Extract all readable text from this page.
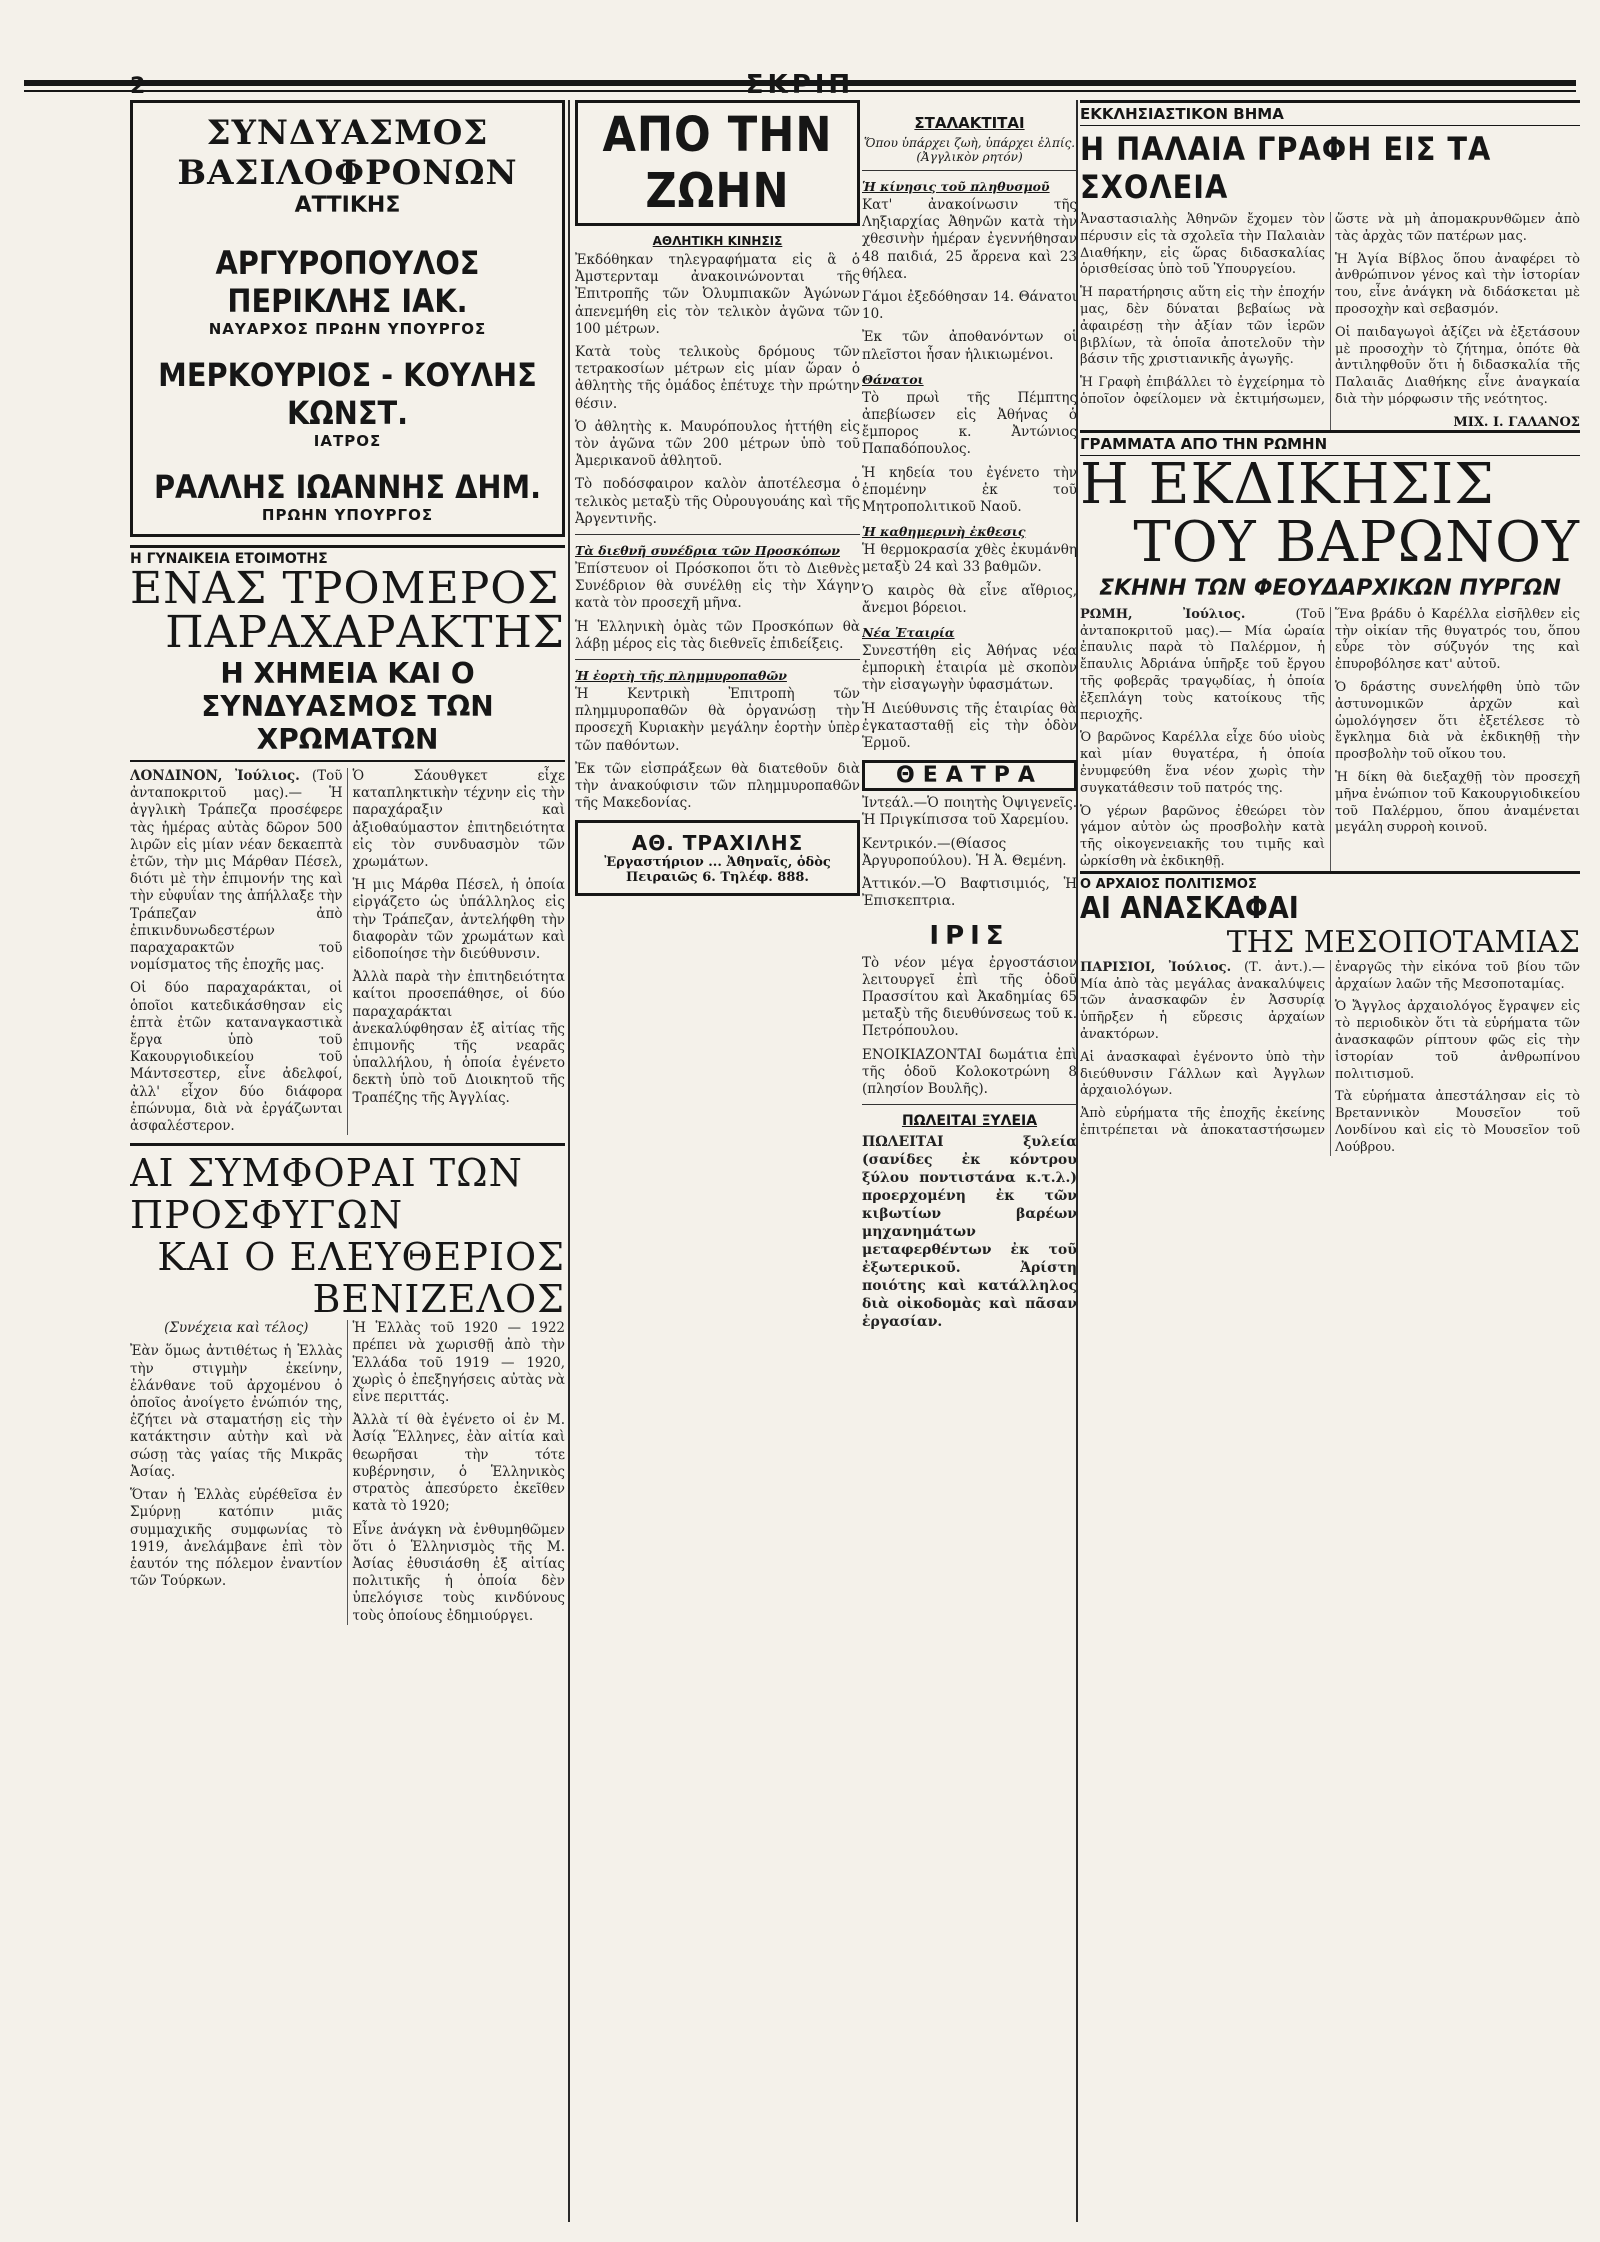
2	ΣΚΡΙΠ
ΣΥΝΔΥΑΣΜΟΣ ΒΑΣΙΛΟΦΡΟΝΩΝ
ΑΤΤΙΚΗΣ
ΑΡΓΥΡΟΠΟΥΛΟΣ ΠΕΡΙΚΛΗΣ ΙΑΚ.
ΝΑΥΑΡΧΟΣ ΠΡΩΗΝ ΥΠΟΥΡΓΟΣ
ΜΕΡΚΟΥΡΙΟΣ - ΚΟΥΛΗΣ ΚΩΝΣΤ.
ΙΑΤΡΟΣ
ΡΑΛΛΗΣ ΙΩΑΝΝΗΣ ΔΗΜ.
ΠΡΩΗΝ ΥΠΟΥΡΓΟΣ
Η ΓΥΝΑΙΚΕΙΑ ΕΤΟΙΜΟΤΗΣ
ΕΝΑΣ ΤΡΟΜΕΡΟΣ
ΠΑΡΑΧΑΡΑΚΤΗΣ
Η ΧΗΜΕΙΑ ΚΑΙ Ο ΣΥΝΔΥΑΣΜΟΣ ΤΩΝ ΧΡΩΜΑΤΩΝ

ΛΟΝΔΙΝΟΝ, Ἰούλιος. (Τοῦ ἀνταποκριτοῦ μας).— Ἡ ἀγγλικὴ Τράπεζα προσέφερε τὰς ἡμέρας αὐτὰς δῶρον 500 λιρῶν εἰς μίαν νέαν δεκαεπτὰ ἐτῶν, τὴν μις Μάρθαν Πέσελ, διότι μὲ τὴν ἐπιμονήν της καὶ τὴν εὐφυΐαν της ἀπήλλαξε τὴν Τράπεζαν ἀπὸ ἐπικινδυνωδεστέρων παραχαρακτῶν τοῦ νομίσματος τῆς ἐποχῆς μας.

Οἱ δύο παραχαράκται, οἱ ὁποῖοι κατεδικάσθησαν εἰς ἑπτὰ ἐτῶν καταναγκαστικὰ ἔργα ὑπὸ τοῦ Κακουργιοδικείου τοῦ Μάντσεστερ, εἶνε ἀδελφοί, ἀλλ' εἶχον δύο διάφορα ἐπώνυμα, διὰ νὰ ἐργάζωνται ἀσφαλέστερον.

Ὁ Σάουθγκετ εἶχε καταπληκτικὴν τέχνην εἰς τὴν παραχάραξιν καὶ ἀξιοθαύμαστον ἐπιτηδειότητα εἰς τὸν συνδυασμὸν τῶν χρωμάτων.

Ἡ μις Μάρθα Πέσελ, ἡ ὁποία εἰργάζετο ὡς ὑπάλληλος εἰς τὴν Τράπεζαν, ἀντελήφθη τὴν διαφορὰν τῶν χρωμάτων καὶ εἰδοποίησε τὴν διεύθυνσιν.

Ἀλλὰ παρὰ τὴν ἐπιτηδειότητα καίτοι προσεπάθησε, οἱ δύο παραχαράκται ἀνεκαλύφθησαν ἐξ αἰτίας τῆς ἐπιμονῆς τῆς νεαρᾶς ὑπαλλήλου, ἡ ὁποία ἐγένετο δεκτὴ ὑπὸ τοῦ Διοικητοῦ τῆς Τραπέζης τῆς Ἀγγλίας.

ΑΙ ΣΥΜΦΟΡΑΙ ΤΩΝ ΠΡΟΣΦΥΓΩΝ
ΚΑΙ Ο ΕΛΕΥΘΕΡΙΟΣ ΒΕΝΙΖΕΛΟΣ

(Συνέχεια καὶ τέλος)

Ἐὰν ὅμως ἀντιθέτως ἡ Ἑλλὰς τὴν στιγμὴν ἐκείνην, ἐλάνθανε τοῦ ἀρχομένου ὁ ὁποῖος ἀνοίγετο ἐνώπιόν της, ἐζήτει νὰ σταματήσῃ εἰς τὴν κατάκτησιν αὐτὴν καὶ νὰ σώσῃ τὰς γαίας τῆς Μικρᾶς Ἀσίας.

Ὅταν ἡ Ἑλλὰς εὑρέθεῖσα ἐν Σμύρνῃ κατόπιν μιᾶς συμμαχικῆς συμφωνίας τὸ 1919, ἀνελάμβανε ἐπὶ τὸν ἑαυτόν της πόλεμον ἐναντίον τῶν Τούρκων.

Ἡ Ἑλλὰς τοῦ 1920 — 1922 πρέπει νὰ χωρισθῇ ἀπὸ τὴν Ἑλλάδα τοῦ 1919 — 1920, χωρὶς ὁ ἐπεξηγήσεις αὐτὰς νὰ εἶνε περιττάς.

Ἀλλὰ τί θὰ ἐγένετο οἱ ἐν Μ. Ἀσίᾳ Ἕλληνες, ἐὰν αἰτία καὶ θεωρῆσαι τὴν τότε κυβέρνησιν, ὁ Ἑλληνικὸς στρατὸς ἀπεσύρετο ἐκεῖθεν κατὰ τὸ 1920;

Εἶνε ἀνάγκη νὰ ἐνθυμηθῶμεν ὅτι ὁ Ἑλληνισμὸς τῆς Μ. Ἀσίας ἐθυσιάσθη ἐξ αἰτίας πολιτικῆς ἡ ὁποία δὲν ὑπελόγισε τοὺς κινδύνους τοὺς ὁποίους ἐδημιούργει.

ΑΠΟ ΤΗΝ ΖΩΗΝ
ΑΘΛΗΤΙΚΗ ΚΙΝΗΣΙΣ

Ἐκδόθηκαν τηλεγραφήματα εἰς ἃ ὁ Ἀμστερνταμ ἀνακοινώνονται τῆς Ἐπιτροπῆς τῶν Ὀλυμπιακῶν Ἀγώνων ἀπενεμήθη εἰς τὸν τελικὸν ἀγῶνα τῶν 100 μέτρων.

Κατὰ τοὺς τελικοὺς δρόμους τῶν τετρακοσίων μέτρων εἰς μίαν ὥραν ὁ ἀθλητὴς τῆς ὁμάδος ἐπέτυχε τὴν πρώτην θέσιν.

Ὁ ἀθλητὴς κ. Μαυρόπουλος ἡττήθη εἰς τὸν ἀγῶνα τῶν 200 μέτρων ὑπὸ τοῦ Ἀμερικανοῦ ἀθλητοῦ.

Τὸ ποδόσφαιρον καλὸν ἀποτέλεσμα ὁ τελικὸς μεταξὺ τῆς Οὐρουγουάης καὶ τῆς Ἀργεντινῆς.

Τὰ διεθνῆ συνέδρια τῶν Προσκόπων

Ἐπίστευον οἱ Πρόσκοποι ὅτι τὸ Διεθνὲς Συνέδριον θὰ συνέλθῃ εἰς τὴν Χάγην κατὰ τὸν προσεχῆ μῆνα.

Ἡ Ἑλληνικὴ ὁμὰς τῶν Προσκόπων θὰ λάβῃ μέρος εἰς τὰς διεθνεῖς ἐπιδείξεις.

Ἡ ἐορτὴ τῆς πλημμυροπαθῶν

Ἡ Κεντρικὴ Ἐπιτροπὴ τῶν πλημμυροπαθῶν θὰ ὀργανώσῃ τὴν προσεχῆ Κυριακὴν μεγάλην ἑορτὴν ὑπὲρ τῶν παθόντων.

Ἐκ τῶν εἰσπράξεων θὰ διατεθοῦν διὰ τὴν ἀνακούφισιν τῶν πλημμυροπαθῶν τῆς Μακεδονίας.

ΑΘ. ΤΡΑΧΙΛΗΣ
Ἐργαστήριον ... Ἀθηναῖς, ὁδὸς Πειραιῶς 6. Τηλέφ. 888.
ΣΤΑΛΑΚΤΙΤΑΙ
Ὅπου ὑπάρχει ζωὴ, ὑπάρχει ἐλπίς. (Ἀγγλικὸν ρητόν)
Ἡ κίνησις τοῦ πληθυσμοῦ

Κατ' ἀνακοίνωσιν τῆς Ληξιαρχίας Ἀθηνῶν κατὰ τὴν χθεσινὴν ἡμέραν ἐγεννήθησαν 48 παιδιά, 25 ἄρρενα καὶ 23 θήλεα.

Γάμοι ἐξεδόθησαν 14. Θάνατοι 10.

Ἐκ τῶν ἀποθανόντων οἱ πλεῖστοι ἦσαν ἡλικιωμένοι.

Θάνατοι

Τὸ πρωὶ τῆς Πέμπτης ἀπεβίωσεν εἰς Ἀθήνας ὁ ἔμπορος κ. Ἀντώνιος Παπαδόπουλος.

Ἡ κηδεία του ἐγένετο τὴν ἑπομένην ἐκ τοῦ Μητροπολιτικοῦ Ναοῦ.

Ἡ καθημερινὴ ἐκθεσις

Ἡ θερμοκρασία χθὲς ἐκυμάνθη μεταξὺ 24 καὶ 33 βαθμῶν.

Ὁ καιρὸς θὰ εἶνε αἴθριος, ἄνεμοι βόρειοι.

Νέα Ἐταιρία

Συνεστήθη εἰς Ἀθήνας νέα ἐμπορικὴ ἑταιρία μὲ σκοπὸν τὴν εἰσαγωγὴν ὑφασμάτων.

Ἡ Διεύθυνσις τῆς ἑταιρίας θὰ ἐγκατασταθῇ εἰς τὴν ὁδὸν Ἑρμοῦ.

ΘΕΑΤΡΑ

Ἰντεάλ.—Ὁ ποιητὴς Ὀψιγενεῖς. Ἡ Πριγκίπισσα τοῦ Χαρεμίου.

Κεντρικόν.—(Θίασος Ἀργυροπούλου). Ἡ Ἀ. Θεμένη.

Ἀττικόν.—Ὁ Βαφτισιμιός, Ἡ Ἐπισκεπτρια.

ΙΡΙΣ

Τὸ νέον μέγα ἐργοστάσιον λειτουργεῖ ἐπὶ τῆς ὁδοῦ Πρασσίτου καὶ Ἀκαδημίας 65 μεταξὺ τῆς διευθύνσεως τοῦ κ. Πετρόπουλου.

ΕΝΟΙΚΙΑΖΟΝΤΑΙ δωμάτια ἐπὶ τῆς ὁδοῦ Κολοκοτρώνη 8 (πλησίον Βουλῆς).

ΠΩΛΕΙΤΑΙ ΞΥΛΕΙΑ

ΠΩΛΕΙΤΑΙ ξυλεία (σανίδες ἐκ κόντρου ξύλου ποντιστάνα κ.τ.λ.) προερχομένη ἐκ τῶν κιβωτίων βαρέων μηχανημάτων μεταφερθέντων ἐκ τοῦ ἐξωτερικοῦ. Ἀρίστη ποιότης καὶ κατάλληλος διὰ οἰκοδομὰς καὶ πᾶσαν ἐργασίαν.

ΕΚΚΛΗΣΙΑΣΤΙΚΟΝ ΒΗΜΑ
Η ΠΑΛΑΙΑ ΓΡΑΦΗ ΕΙΣ ΤΑ ΣΧΟΛΕΙΑ

Ἀναστασιαλὴς Ἀθηνῶν ἔχομεν τὸν πέρυσιν εἰς τὰ σχολεῖα τὴν Παλαιὰν Διαθήκην, εἰς ὥρας διδασκαλίας ὁρισθείσας ὑπὸ τοῦ Ὑπουργείου.

Ἡ παρατήρησις αὕτη εἰς τὴν ἐποχήν μας, δὲν δύναται βεβαίως νὰ ἀφαιρέσῃ τὴν ἀξίαν τῶν ἱερῶν βιβλίων, τὰ ὁποῖα ἀποτελοῦν τὴν βάσιν τῆς χριστιανικῆς ἀγωγῆς.

Ἡ Γραφὴ ἐπιβάλλει τὸ ἐγχείρημα τὸ ὁποῖον ὀφείλομεν νὰ ἐκτιμήσωμεν, ὥστε νὰ μὴ ἀπομακρυνθῶμεν ἀπὸ τὰς ἀρχὰς τῶν πατέρων μας.

Ἡ Ἁγία Βίβλος ὅπου ἀναφέρει τὸ ἀνθρώπινον γένος καὶ τὴν ἱστορίαν του, εἶνε ἀνάγκη νὰ διδάσκεται μὲ προσοχὴν καὶ σεβασμόν.

Οἱ παιδαγωγοὶ ἀξίζει νὰ ἐξετάσουν μὲ προσοχὴν τὸ ζήτημα, ὁπότε θὰ ἀντιληφθοῦν ὅτι ἡ διδασκαλία τῆς Παλαιᾶς Διαθήκης εἶνε ἀναγκαία διὰ τὴν μόρφωσιν τῆς νεότητος.

ΜΙΧ. Ι. ΓΑΛΑΝΟΣ
ΓΡΑΜΜΑΤΑ ΑΠΟ ΤΗΝ ΡΩΜΗΝ
Η ΕΚΔΙΚΗΣΙΣ
ΤΟΥ ΒΑΡΩΝΟΥ
ΣΚΗΝΗ ΤΩΝ ΦΕΟΥΔΑΡΧΙΚΩΝ ΠΥΡΓΩΝ

ΡΩΜΗ, Ἰούλιος.	(Τοῦ ἀνταποκριτοῦ μας).— Μία ὡραία ἐπαυλις παρὰ τὸ Παλέρμον, ἡ ἔπαυλις Ἀδριάνα ὑπῆρξε τοῦ ἔργου τῆς φοβερᾶς τραγῳδίας, ἡ ὁποία ἐξεπλάγη τοὺς κατοίκους τῆς περιοχῆς.

Ὁ βαρῶνος Καρέλλα εἶχε δύο υἱοὺς καὶ μίαν θυγατέρα, ἡ ὁποία ἐνυμφεύθη ἕνα νέον χωρὶς τὴν συγκατάθεσιν τοῦ πατρός της.

Ὁ γέρων βαρῶνος ἐθεώρει τὸν γάμον αὐτὸν ὡς προσβολὴν κατὰ τῆς οἰκογενειακῆς του τιμῆς καὶ ὠρκίσθη νὰ ἐκδικηθῇ.

Ἕνα βράδυ ὁ Καρέλλα εἰσῆλθεν εἰς τὴν οἰκίαν τῆς θυγατρός του, ὅπου εὗρε τὸν σύζυγόν της καὶ ἐπυροβόλησε κατ' αὐτοῦ.

Ὁ δράστης συνελήφθη ὑπὸ τῶν ἀστυνομικῶν ἀρχῶν καὶ ὡμολόγησεν ὅτι ἐξετέλεσε τὸ ἔγκλημα διὰ νὰ ἐκδικηθῇ τὴν προσβολὴν τοῦ οἴκου του.

Ἡ δίκη θὰ διεξαχθῇ τὸν προσεχῆ μῆνα ἐνώπιον τοῦ Κακουργιοδικείου τοῦ Παλέρμου, ὅπου ἀναμένεται μεγάλη συρροὴ κοινοῦ.

Ο ΑΡΧΑΙΟΣ ΠΟΛΙΤΙΣΜΟΣ
ΑΙ ΑΝΑΣΚΑΦΑΙ
ΤΗΣ ΜΕΣΟΠΟΤΑΜΙΑΣ

ΠΑΡΙΣΙΟΙ, Ἰούλιος. (Τ. ἀντ.).— Μία ἀπὸ τὰς μεγάλας ἀνακαλύψεις τῶν ἀνασκαφῶν ἐν Ἀσσυρίᾳ ὑπῆρξεν ἡ εὕρεσις ἀρχαίων ἀνακτόρων.

Αἱ ἀνασκαφαὶ ἐγένοντο ὑπὸ τὴν διεύθυνσιν Γάλλων καὶ Ἀγγλων ἀρχαιολόγων.

Ἀπὸ εὑρήματα τῆς ἐποχῆς ἐκείνης ἐπιτρέπεται νὰ ἀποκαταστήσωμεν ἐναργῶς τὴν εἰκόνα τοῦ βίου τῶν ἀρχαίων λαῶν τῆς Μεσοποταμίας.

Ὁ Ἄγγλος ἀρχαιολόγος ἔγραψεν εἰς τὸ περιοδικὸν ὅτι τὰ εὑρήματα τῶν ἀνασκαφῶν ρίπτουν φῶς εἰς τὴν ἱστορίαν τοῦ ἀνθρωπίνου πολιτισμοῦ.

Τὰ εὑρήματα ἀπεστάλησαν εἰς τὸ Βρεταννικὸν Μουσεῖον τοῦ Λονδίνου καὶ εἰς τὸ Μουσεῖον τοῦ Λούβρου.
